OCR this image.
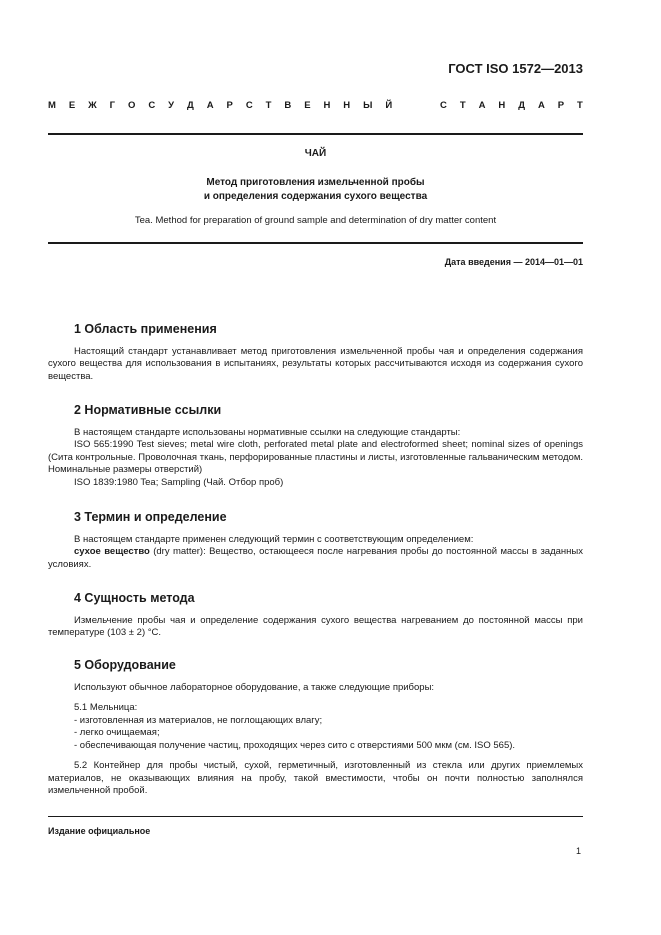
ГОСТ ISO 1572—2013

М Е Ж Г О С У Д А Р С Т В Е Н Н Ы Й	С Т А Н Д А Р Т

ЧАЙ

Метод приготовления измельченной пробы
и определения содержания сухого вещества

Tea. Method for preparation of ground sample and determination of dry matter content

Дата введения — 2014—01—01

1 Область применения

Настоящий стандарт устанавливает метод приготовления измельченной пробы чая и определения содержания сухого вещества для использования в испытаниях, результаты которых рассчитываются исходя из содержания сухого вещества.

2 Нормативные ссылки

В настоящем стандарте использованы нормативные ссылки на следующие стандарты:

ISO 565:1990 Test sieves; metal wire cloth, perforated metal plate and electroformed sheet; nominal sizes of openings (Сита контрольные. Проволочная ткань, перфорированные пластины и листы, изготовленные гальваническим методом. Номинальные размеры отверстий)

ISO 1839:1980 Tea; Sampling (Чай. Отбор проб)

3 Термин и определение

В настоящем стандарте применен следующий термин с соответствующим определением:

сухое вещество (dry matter): Вещество, остающееся после нагревания пробы до постоянной массы в заданных условиях.

4 Сущность метода

Измельчение пробы чая и определение содержания сухого вещества нагреванием до постоянной массы при температуре (103 ± 2) °C.

5 Оборудование

Используют обычное лабораторное оборудование, а также следующие приборы:

5.1 Мельница:

- изготовленная из материалов, не поглощающих влагу;

- легко очищаемая;

- обеспечивающая получение частиц, проходящих через сито с отверстиями 500 мкм (см. ISO 565).

5.2 Контейнер для пробы чистый, сухой, герметичный, изготовленный из стекла или других приемлемых материалов, не оказывающих влияния на пробу, такой вместимости, чтобы он почти полностью заполнялся измельченной пробой.

Издание официальное

1
